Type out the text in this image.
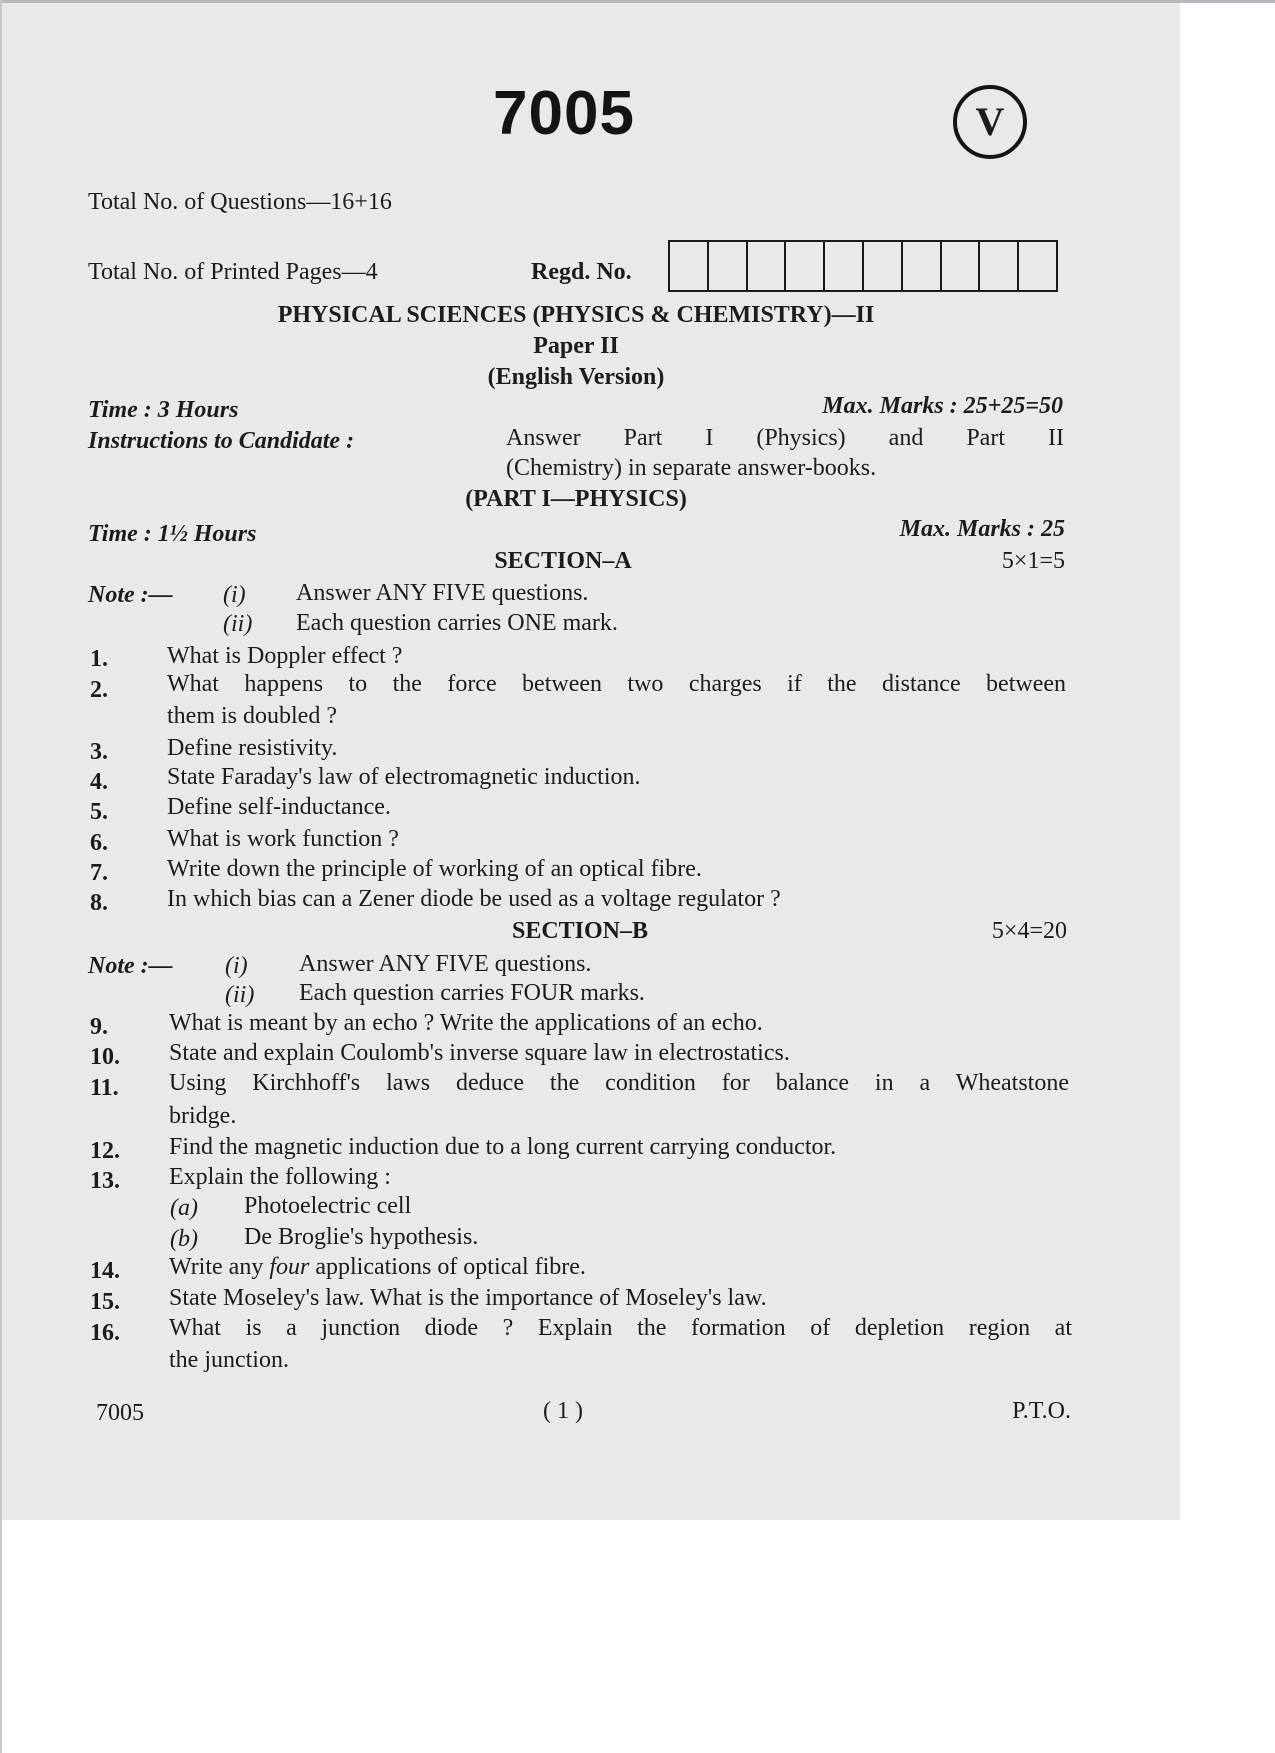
7005	V
Total No. of Questions—16+16
Total No. of Printed Pages—4	Regd. No.
PHYSICAL SCIENCES (PHYSICS & CHEMISTRY)—II
Paper II
(English Version)
Time : 3 Hours	Max. Marks : 25+25=50
Instructions to Candidate :	Answer Part I (Physics) and Part II
(Chemistry) in separate answer-books.
(PART I—PHYSICS)
Time : 1½ Hours	Max. Marks : 25
SECTION–A	5×1=5
Note :— (i) Answer ANY FIVE questions.
(ii) Each question carries ONE mark.
1. What is Doppler effect ?
2. What happens to the force between two charges if the distance between
them is doubled ?
3. Define resistivity.
4. State Faraday's law of electromagnetic induction.
5. Define self-inductance.
6. What is work function ?
7. Write down the principle of working of an optical fibre.
8. In which bias can a Zener diode be used as a voltage regulator ?
SECTION–B	5×4=20
Note :— (i) Answer ANY FIVE questions.
(ii) Each question carries FOUR marks.
9.	What is meant by an echo ? Write the applications of an echo.
10. State and explain Coulomb's inverse square law in electrostatics.
11. Using Kirchhoff's laws deduce the condition for balance in a Wheatstone
bridge.
12. Find the magnetic induction due to a long current carrying conductor.
13. Explain the following :
(a) Photoelectric cell
(b) De Broglie's hypothesis.
14. Write any four applications of optical fibre.
15. State Moseley's law. What is the importance of Moseley's law.
16. What is a junction diode ? Explain the formation of depletion region at
the junction.
7005	( 1 )	P.T.O.
